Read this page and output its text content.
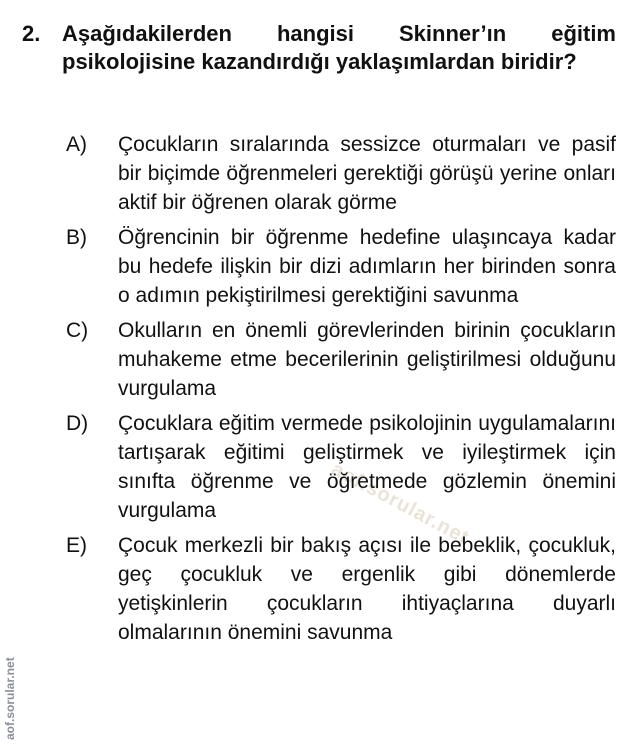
aof.sorular.net
2. Aşağıdakilerden hangisi Skinner’ın eğitim psikolojisine kazandırdığı yaklaşımlardan biridir?
A) Çocukların sıralarında sessizce oturmaları ve pasif bir biçimde öğrenmeleri gerektiği görüşü yerine onları aktif bir öğrenen olarak görme
B) Öğrencinin bir öğrenme hedefine ulaşıncaya kadar bu hedefe ilişkin bir dizi adımların her birinden sonra o adımın pekiştirilmesi gerektiğini savunma
C) Okulların en önemli görevlerinden birinin çocukların muhakeme etme becerilerinin geliştirilmesi olduğunu vurgulama
D) Çocuklara eğitim vermede psikolojinin uygulamalarını tartışarak eğitimi geliştirmek ve iyileştirmek için sınıfta öğrenme ve öğretmede gözlemin önemini vurgulama
E) Çocuk merkezli bir bakış açısı ile bebeklik, çocukluk, geç çocukluk ve ergenlik gibi dönemlerde yetişkinlerin çocukların ihtiyaçlarına duyarlı olmalarının önemini savunma
aof.sorular.net
